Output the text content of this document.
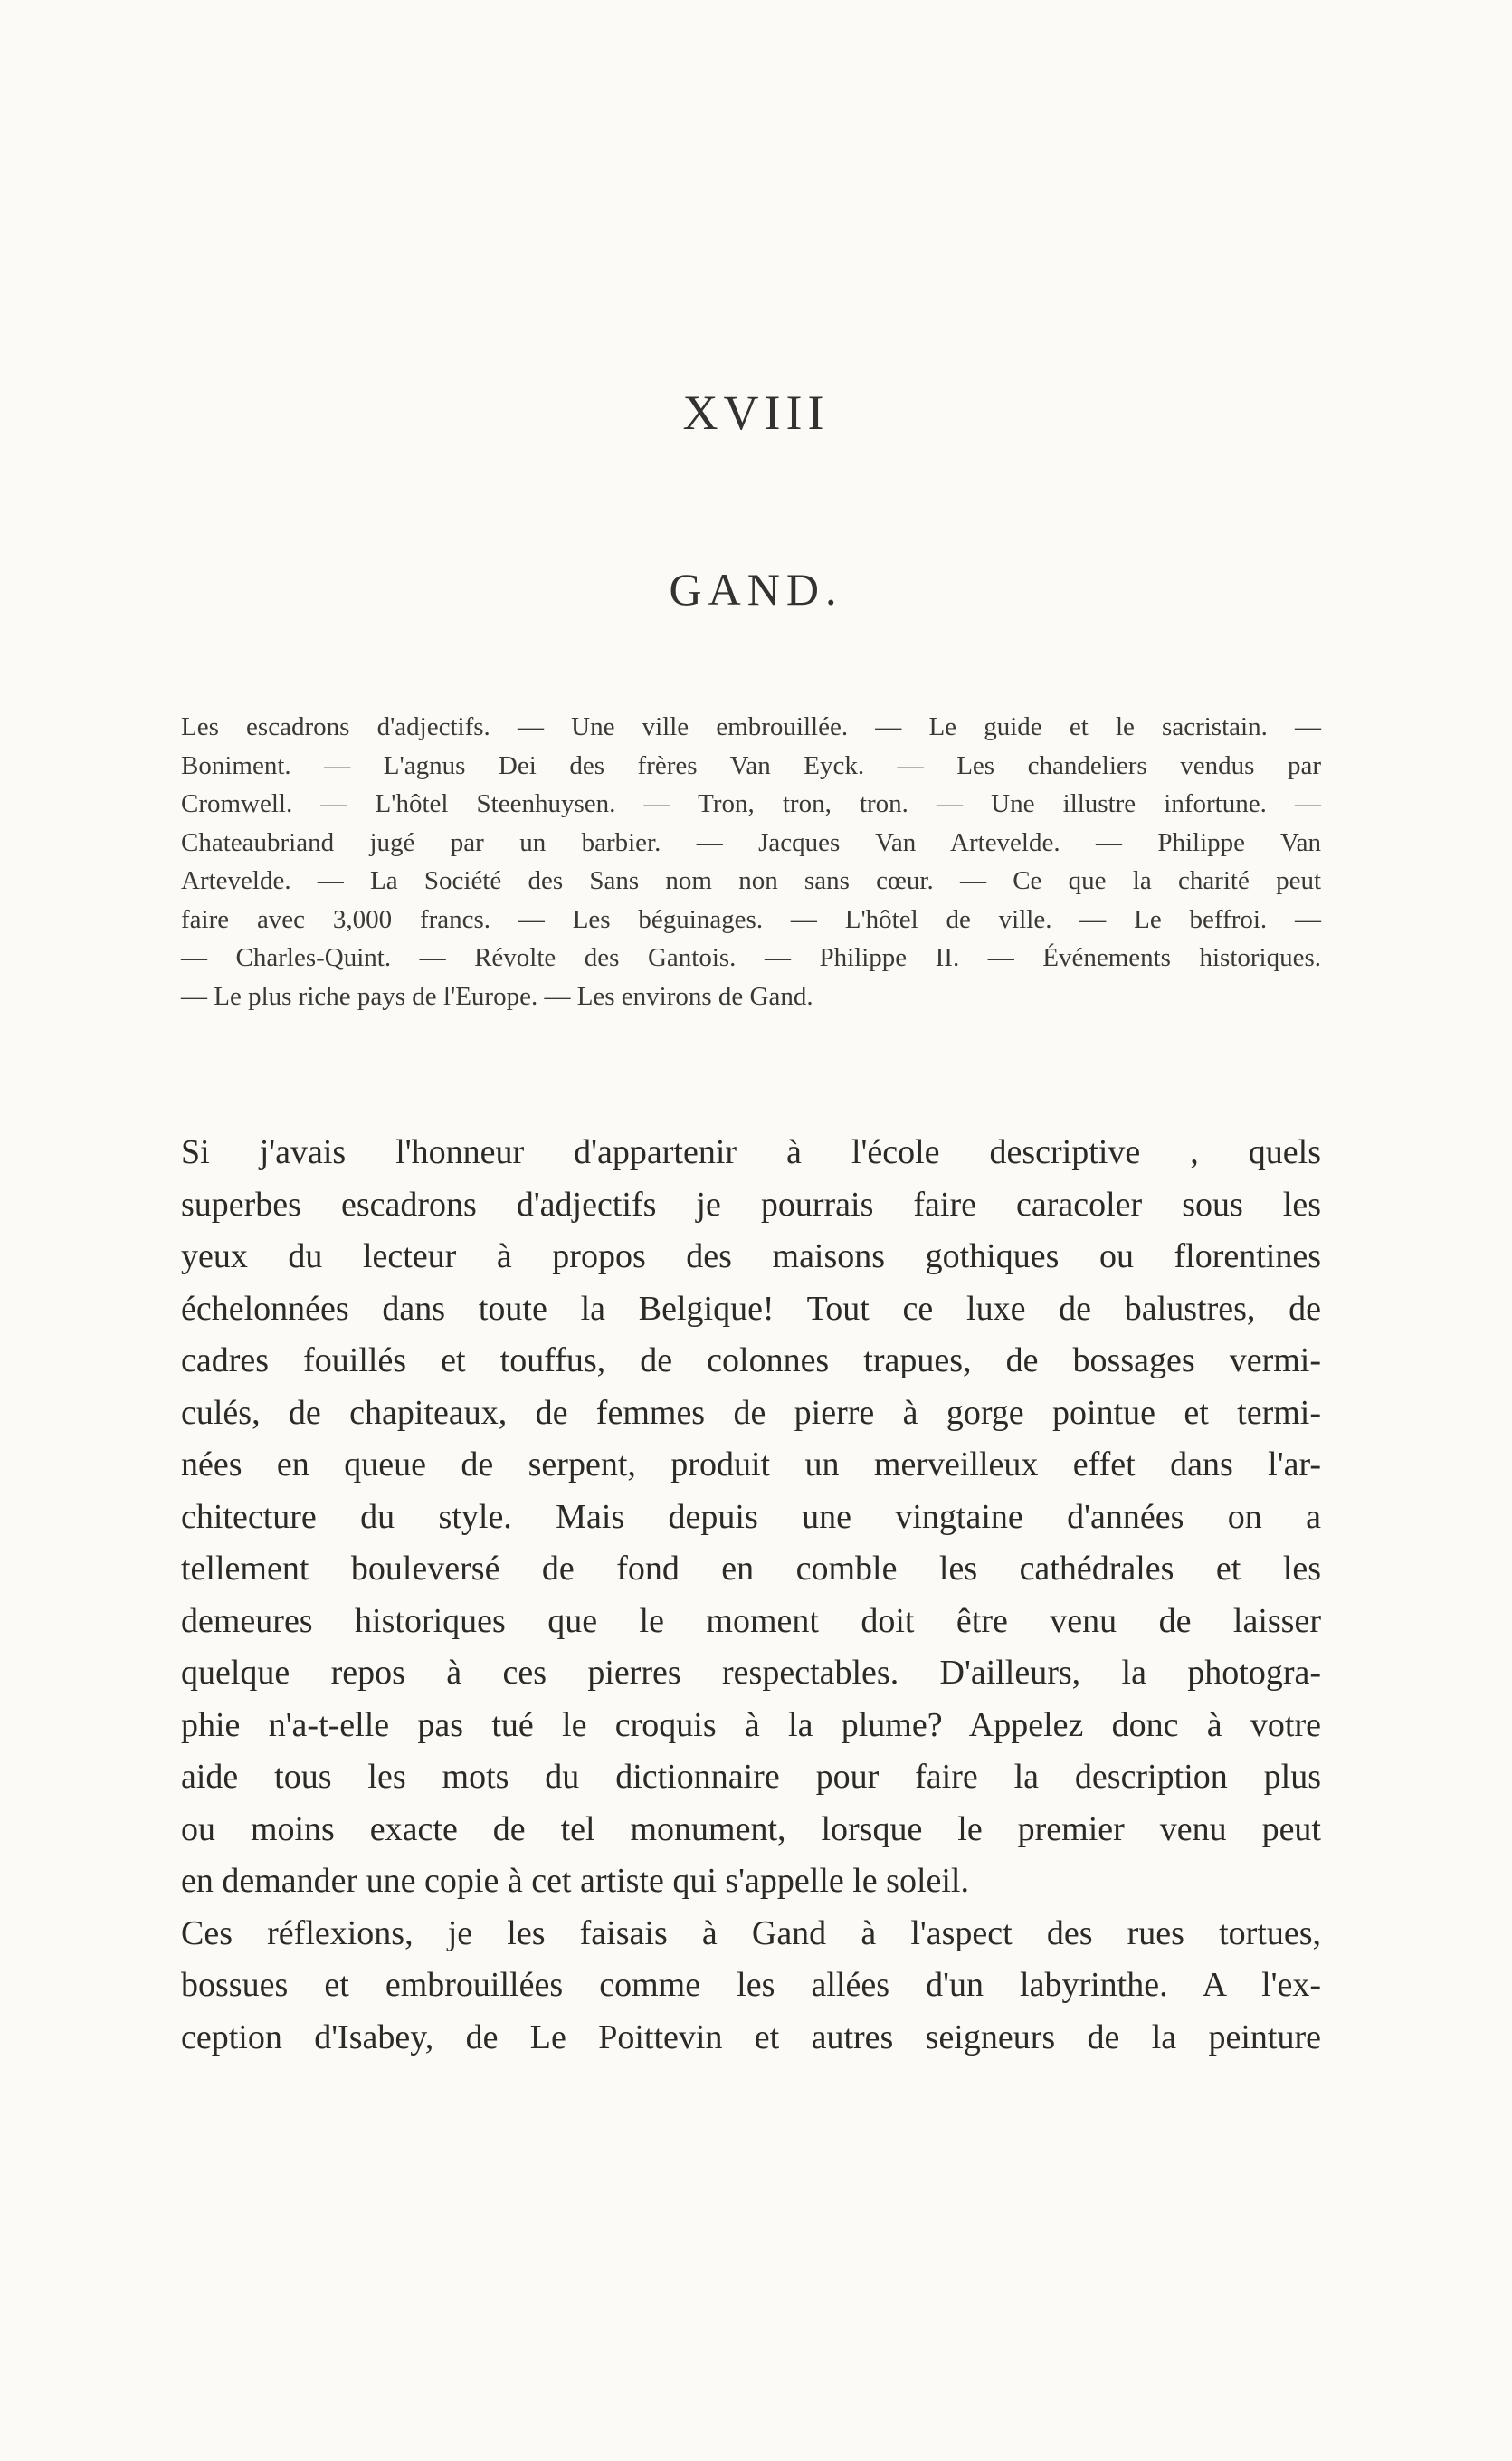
XVIII
GAND.
Les escadrons d'adjectifs. — Une ville embrouillée. — Le guide et le sacristain. —
Boniment. — L'agnus Dei des frères Van Eyck. — Les chandeliers vendus par
Cromwell. — L'hôtel Steenhuysen. — Tron, tron, tron. — Une illustre infortune. —
Chateaubriand jugé par un barbier. — Jacques Van Artevelde. — Philippe Van
Artevelde. — La Société des Sans nom non sans cœur. — Ce que la charité peut
faire avec 3,000 francs. — Les béguinages. — L'hôtel de ville. — Le beffroi. —
— Charles-Quint. — Révolte des Gantois. — Philippe II. — Événements historiques.
— Le plus riche pays de l'Europe. — Les environs de Gand.
Si j'avais l'honneur d'appartenir à l'école descriptive , quels
superbes escadrons d'adjectifs je pourrais faire caracoler sous les
yeux du lecteur à propos des maisons gothiques ou florentines
échelonnées dans toute la Belgique! Tout ce luxe de balustres, de
cadres fouillés et touffus, de colonnes trapues, de bossages vermi-
culés, de chapiteaux, de femmes de pierre à gorge pointue et termi-
nées en queue de serpent, produit un merveilleux effet dans l'ar-
chitecture du style. Mais depuis une vingtaine d'années on a
tellement bouleversé de fond en comble les cathédrales et les
demeures historiques que le moment doit être venu de laisser
quelque repos à ces pierres respectables. D'ailleurs, la photogra-
phie n'a-t-elle pas tué le croquis à la plume? Appelez donc à votre
aide tous les mots du dictionnaire pour faire la description plus
ou moins exacte de tel monument, lorsque le premier venu peut
en demander une copie à cet artiste qui s'appelle le soleil.
Ces réflexions, je les faisais à Gand à l'aspect des rues tortues,
bossues et embrouillées comme les allées d'un labyrinthe. A l'ex-
ception d'Isabey, de Le Poittevin et autres seigneurs de la peinture
